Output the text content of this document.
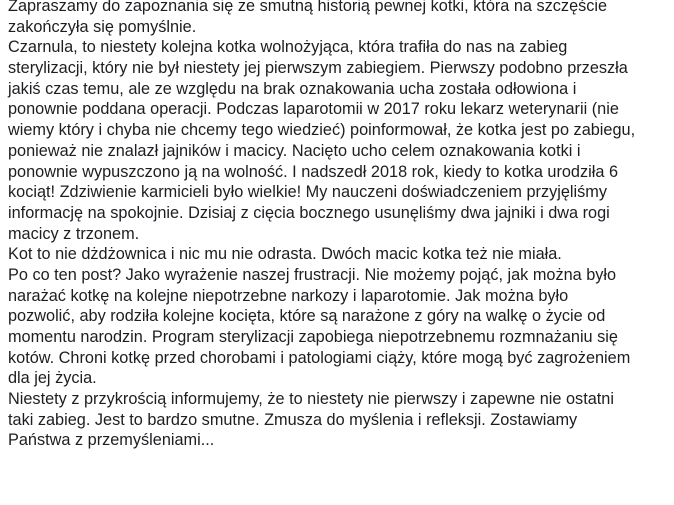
Zapraszamy do zapoznania się ze smutną historią pewnej kotki, która na szczęście
zakończyła się pomyślnie.
Czarnula, to niestety kolejna kotka wolnożyjąca, która trafiła do nas na zabieg
sterylizacji, który nie był niestety jej pierwszym zabiegiem. Pierwszy podobno przeszła
jakiś czas temu, ale ze względu na brak oznakowania ucha została odłowiona i
ponownie poddana operacji. Podczas laparotomii w 2017 roku lekarz weterynarii (nie
wiemy który i chyba nie chcemy tego wiedzieć) poinformował, że kotka jest po zabiegu,
ponieważ nie znalazł jajników i macicy. Nacięto ucho celem oznakowania kotki i
ponownie wypuszczono ją na wolność. I nadszedł 2018 rok, kiedy to kotka urodziła 6
kociąt! Zdziwienie karmicieli było wielkie! My nauczeni doświadczeniem przyjęliśmy
informację na spokojnie. Dzisiaj z cięcia bocznego usunęliśmy dwa jajniki i dwa rogi
macicy z trzonem.
Kot to nie dżdżownica i nic mu nie odrasta. Dwóch macic kotka też nie miała.
Po co ten post? Jako wyrażenie naszej frustracji. Nie możemy pojąć, jak można było
narażać kotkę na kolejne niepotrzebne narkozy i laparotomie. Jak można było
pozwolić, aby rodziła kolejne kocięta, które są narażone z góry na walkę o życie od
momentu narodzin. Program sterylizacji zapobiega niepotrzebnemu rozmnażaniu się
kotów. Chroni kotkę przed chorobami i patologiami ciąży, które mogą być zagrożeniem
dla jej życia.
Niestety z przykrością informujemy, że to niestety nie pierwszy i zapewne nie ostatni
taki zabieg. Jest to bardzo smutne. Zmusza do myślenia i refleksji. Zostawiamy
Państwa z przemyśleniami...
